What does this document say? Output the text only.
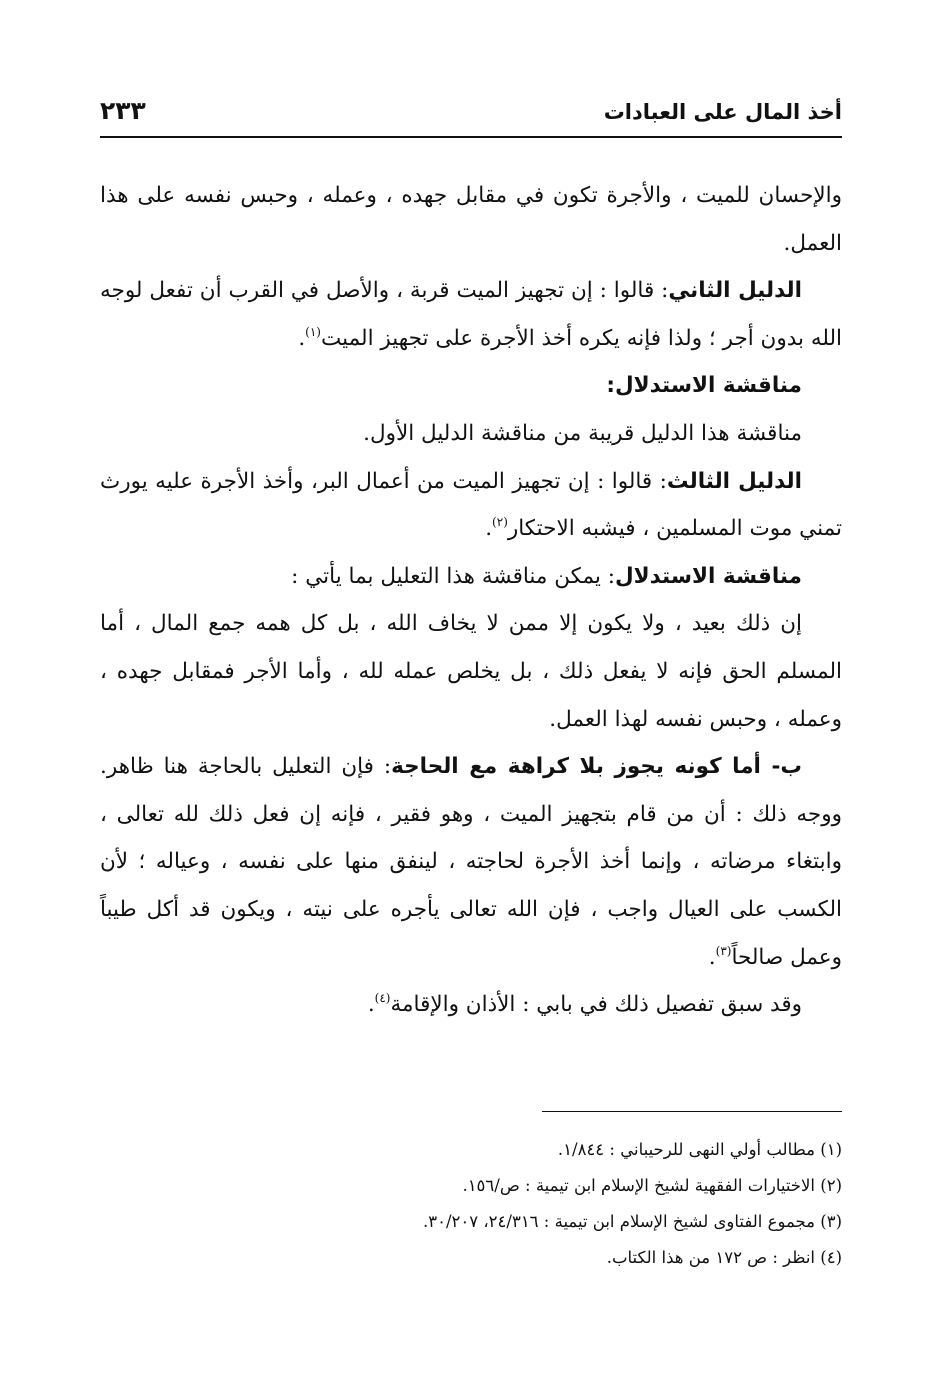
أخذ المال على العبادات
٢٣٣

والإحسان للميت ، والأجرة تكون في مقابل جهده ، وعمله ، وحبس نفسه على هذا العمل.

الدليل الثاني: قالوا : إن تجهيز الميت قربة ، والأصل في القرب أن تفعل لوجه الله بدون أجر ؛ ولذا فإنه يكره أخذ الأجرة على تجهيز الميت$^{(١)}$.

مناقشة الاستدلال:

مناقشة هذا الدليل قريبة من مناقشة الدليل الأول.

الدليل الثالث: قالوا : إن تجهيز الميت من أعمال البر، وأخذ الأجرة عليه يورث تمني موت المسلمين ، فيشبه الاحتكار$^{(٢)}$.

مناقشة الاستدلال: يمكن مناقشة هذا التعليل بما يأتي :

إن ذلك بعيد ، ولا يكون إلا ممن لا يخاف الله ، بل كل همه جمع المال ، أما المسلم الحق فإنه لا يفعل ذلك ، بل يخلص عمله لله ، وأما الأجر فمقابل جهده ، وعمله ، وحبس نفسه لهذا العمل.

ب- أما كونه يجوز بلا كراهة مع الحاجة: فإن التعليل بالحاجة هنا ظاهر. ووجه ذلك : أن من قام بتجهيز الميت ، وهو فقير ، فإنه إن فعل ذلك لله تعالى ، وابتغاء مرضاته ، وإنما أخذ الأجرة لحاجته ، لينفق منها على نفسه ، وعياله ؛ لأن الكسب على العيال واجب ، فإن الله تعالى يأجره على نيته ، ويكون قد أكل طيباً وعمل صالحاً$^{(٣)}$.

وقد سبق تفصيل ذلك في بابي : الأذان والإقامة$^{(٤)}$.

(١) مطالب أولي النهى للرحيباني : ١/٨٤٤.
(٢) الاختيارات الفقهية لشيخ الإسلام ابن تيمية : ص/١٥٦.
(٣) مجموع الفتاوى لشيخ الإسلام ابن تيمية : ٢٤/٣١٦، ٣٠/٢٠٧.
(٤) انظر : ص ١٧٢ من هذا الكتاب.
